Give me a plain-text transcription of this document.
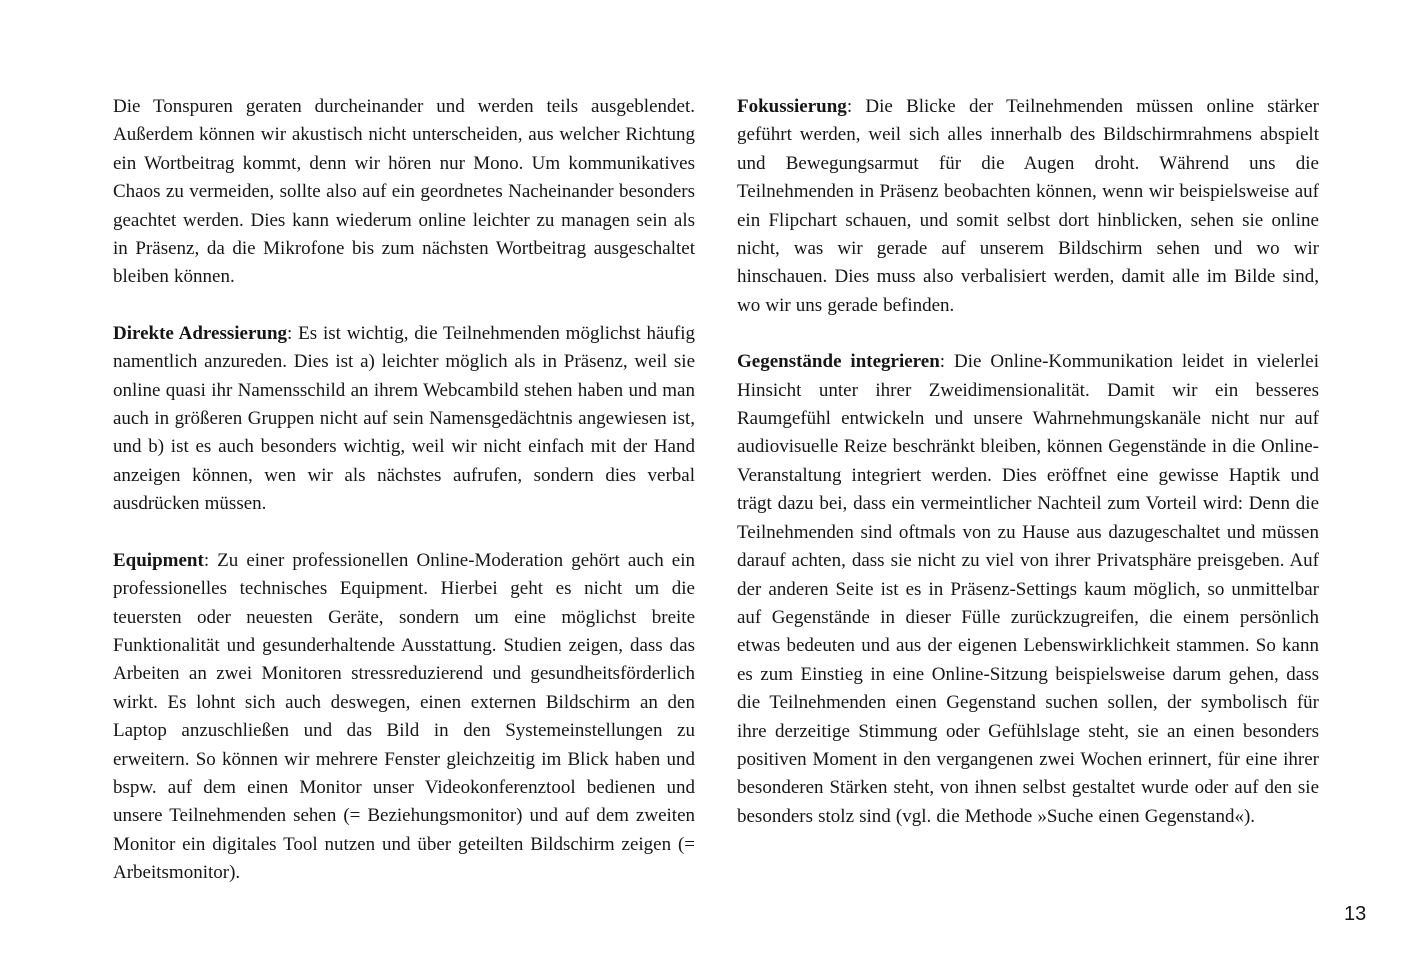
Die Tonspuren geraten durcheinander und werden teils ausgeblendet. Außerdem können wir akustisch nicht unterscheiden, aus welcher Richtung ein Wortbeitrag kommt, denn wir hören nur Mono. Um kommunikatives Chaos zu vermeiden, sollte also auf ein geordnetes Nacheinander besonders geachtet werden. Dies kann wiederum online leichter zu managen sein als in Präsenz, da die Mikrofone bis zum nächsten Wortbeitrag ausgeschaltet bleiben können.

Direkte Adressierung: Es ist wichtig, die Teilnehmenden möglichst häufig namentlich anzureden. Dies ist a) leichter möglich als in Präsenz, weil sie online quasi ihr Namensschild an ihrem Webcambild stehen haben und man auch in größeren Gruppen nicht auf sein Namensgedächtnis angewiesen ist, und b) ist es auch besonders wichtig, weil wir nicht einfach mit der Hand anzeigen können, wen wir als nächstes aufrufen, sondern dies verbal ausdrücken müssen.

Equipment: Zu einer professionellen Online-Moderation gehört auch ein professionelles technisches Equipment. Hierbei geht es nicht um die teuersten oder neuesten Geräte, sondern um eine möglichst breite Funktionalität und gesunderhaltende Ausstattung. Studien zeigen, dass das Arbeiten an zwei Monitoren stressreduzierend und gesundheitsförderlich wirkt. Es lohnt sich auch deswegen, einen externen Bildschirm an den Laptop anzuschließen und das Bild in den Systemeinstellungen zu erweitern. So können wir mehrere Fenster gleichzeitig im Blick haben und bspw. auf dem einen Monitor unser Videokonferenztool bedienen und unsere Teilnehmenden sehen (= Beziehungsmonitor) und auf dem zweiten Monitor ein digitales Tool nutzen und über geteilten Bildschirm zeigen (= Arbeitsmonitor).

Fokussierung: Die Blicke der Teilnehmenden müssen online stärker geführt werden, weil sich alles innerhalb des Bildschirmrahmens abspielt und Bewegungsarmut für die Augen droht. Während uns die Teilnehmenden in Präsenz beobachten können, wenn wir beispielsweise auf ein Flipchart schauen, und somit selbst dort hinblicken, sehen sie online nicht, was wir gerade auf unserem Bildschirm sehen und wo wir hinschauen. Dies muss also verbalisiert werden, damit alle im Bilde sind, wo wir uns gerade befinden.

Gegenstände integrieren: Die Online-Kommunikation leidet in vielerlei Hinsicht unter ihrer Zweidimensionalität. Damit wir ein besseres Raumgefühl entwickeln und unsere Wahrnehmungskanäle nicht nur auf audiovisuelle Reize beschränkt bleiben, können Gegenstände in die Online-Veranstaltung integriert werden. Dies eröffnet eine gewisse Haptik und trägt dazu bei, dass ein vermeintlicher Nachteil zum Vorteil wird: Denn die Teilnehmenden sind oftmals von zu Hause aus dazugeschaltet und müssen darauf achten, dass sie nicht zu viel von ihrer Privatsphäre preisgeben. Auf der anderen Seite ist es in Präsenz-Settings kaum möglich, so unmittelbar auf Gegenstände in dieser Fülle zurückzugreifen, die einem persönlich etwas bedeuten und aus der eigenen Lebenswirklichkeit stammen. So kann es zum Einstieg in eine Online-Sitzung beispielsweise darum gehen, dass die Teilnehmenden einen Gegenstand suchen sollen, der symbolisch für ihre derzeitige Stimmung oder Gefühlslage steht, sie an einen besonders positiven Moment in den vergangenen zwei Wochen erinnert, für eine ihrer besonderen Stärken steht, von ihnen selbst gestaltet wurde oder auf den sie besonders stolz sind (vgl. die Methode »Suche einen Gegenstand«).

13
